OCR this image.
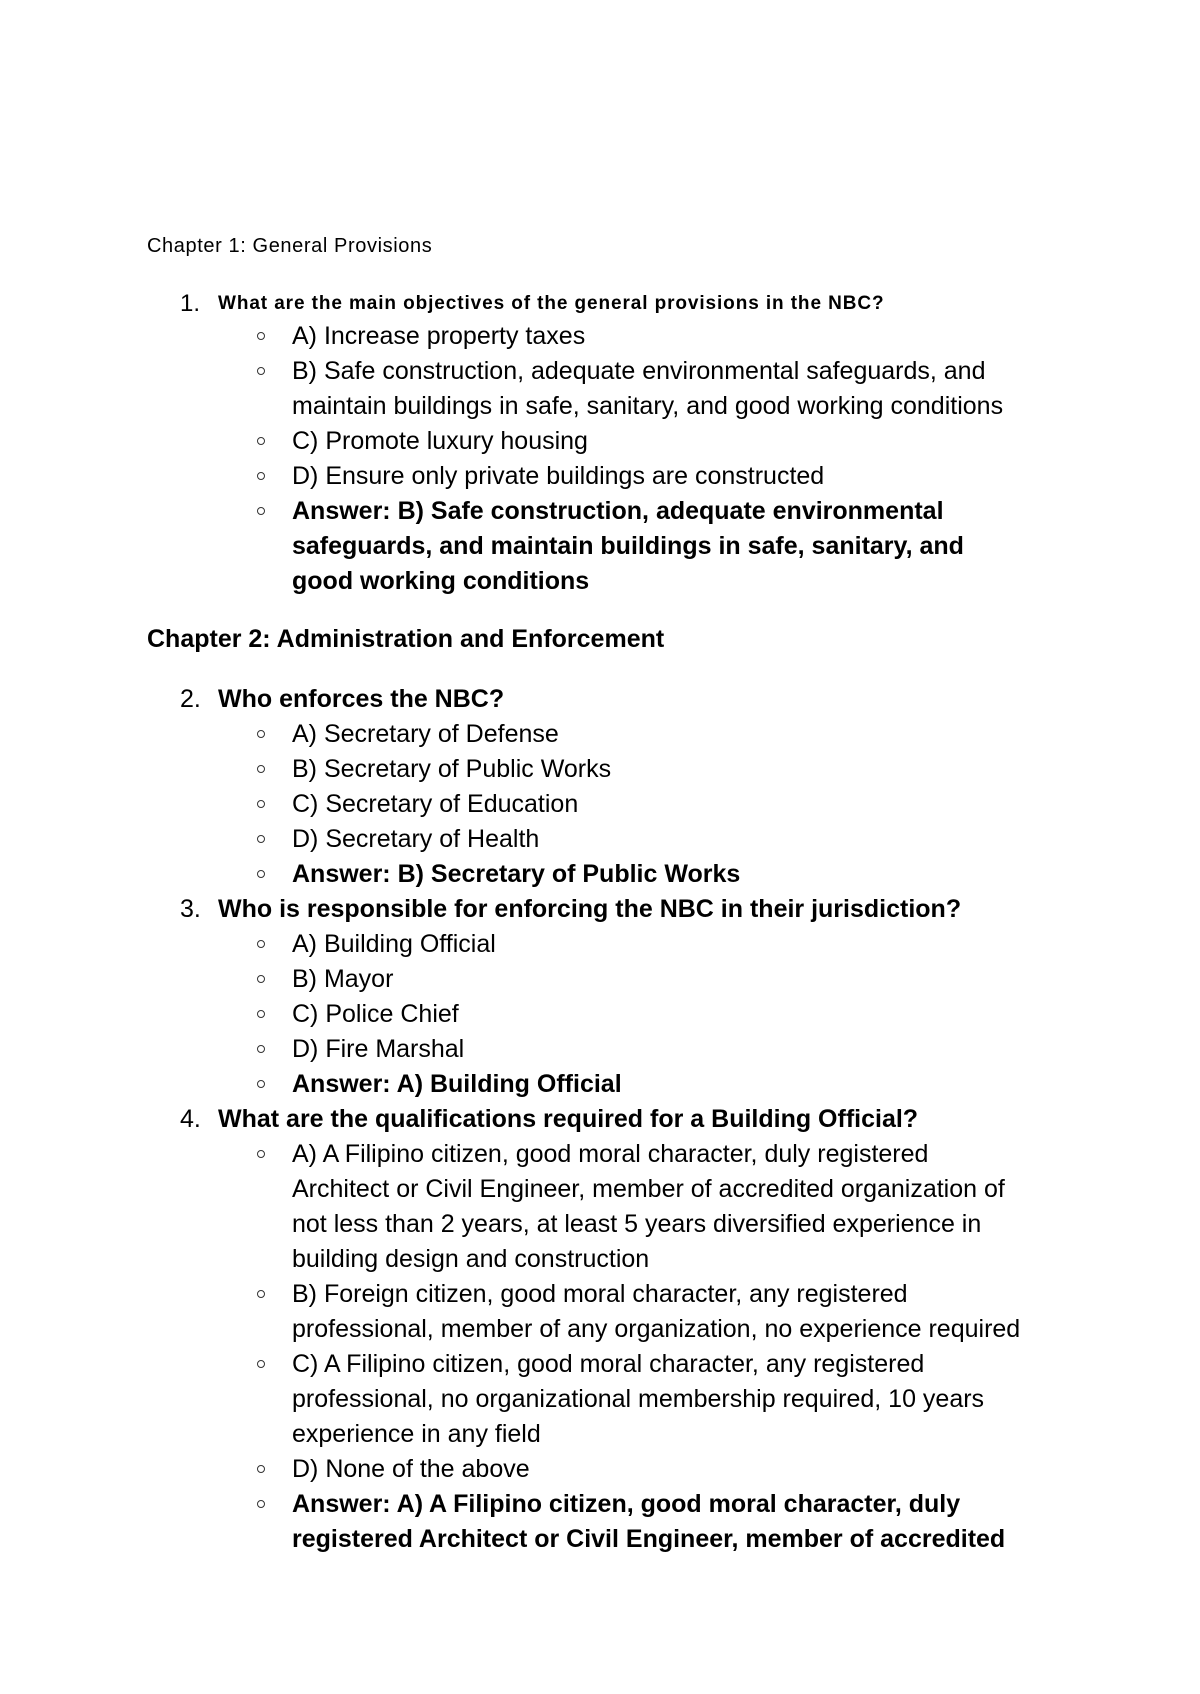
Chapter 1: General Provisions
1. What are the main objectives of the general provisions in the NBC?
A) Increase property taxes
B) Safe construction, adequate environmental safeguards, and
maintain buildings in safe, sanitary, and good working conditions
C) Promote luxury housing
D) Ensure only private buildings are constructed
Answer: B) Safe construction, adequate environmental
safeguards, and maintain buildings in safe, sanitary, and
good working conditions
Chapter 2: Administration and Enforcement
2. Who enforces the NBC?
A) Secretary of Defense
B) Secretary of Public Works
C) Secretary of Education
D) Secretary of Health
Answer: B) Secretary of Public Works
3. Who is responsible for enforcing the NBC in their jurisdiction?
A) Building Official
B) Mayor
C) Police Chief
D) Fire Marshal
Answer: A) Building Official
4. What are the qualifications required for a Building Official?
A) A Filipino citizen, good moral character, duly registered
Architect or Civil Engineer, member of accredited organization of
not less than 2 years, at least 5 years diversified experience in
building design and construction
B) Foreign citizen, good moral character, any registered
professional, member of any organization, no experience required
C) A Filipino citizen, good moral character, any registered
professional, no organizational membership required, 10 years
experience in any field
D) None of the above
Answer: A) A Filipino citizen, good moral character, duly
registered Architect or Civil Engineer, member of accredited
